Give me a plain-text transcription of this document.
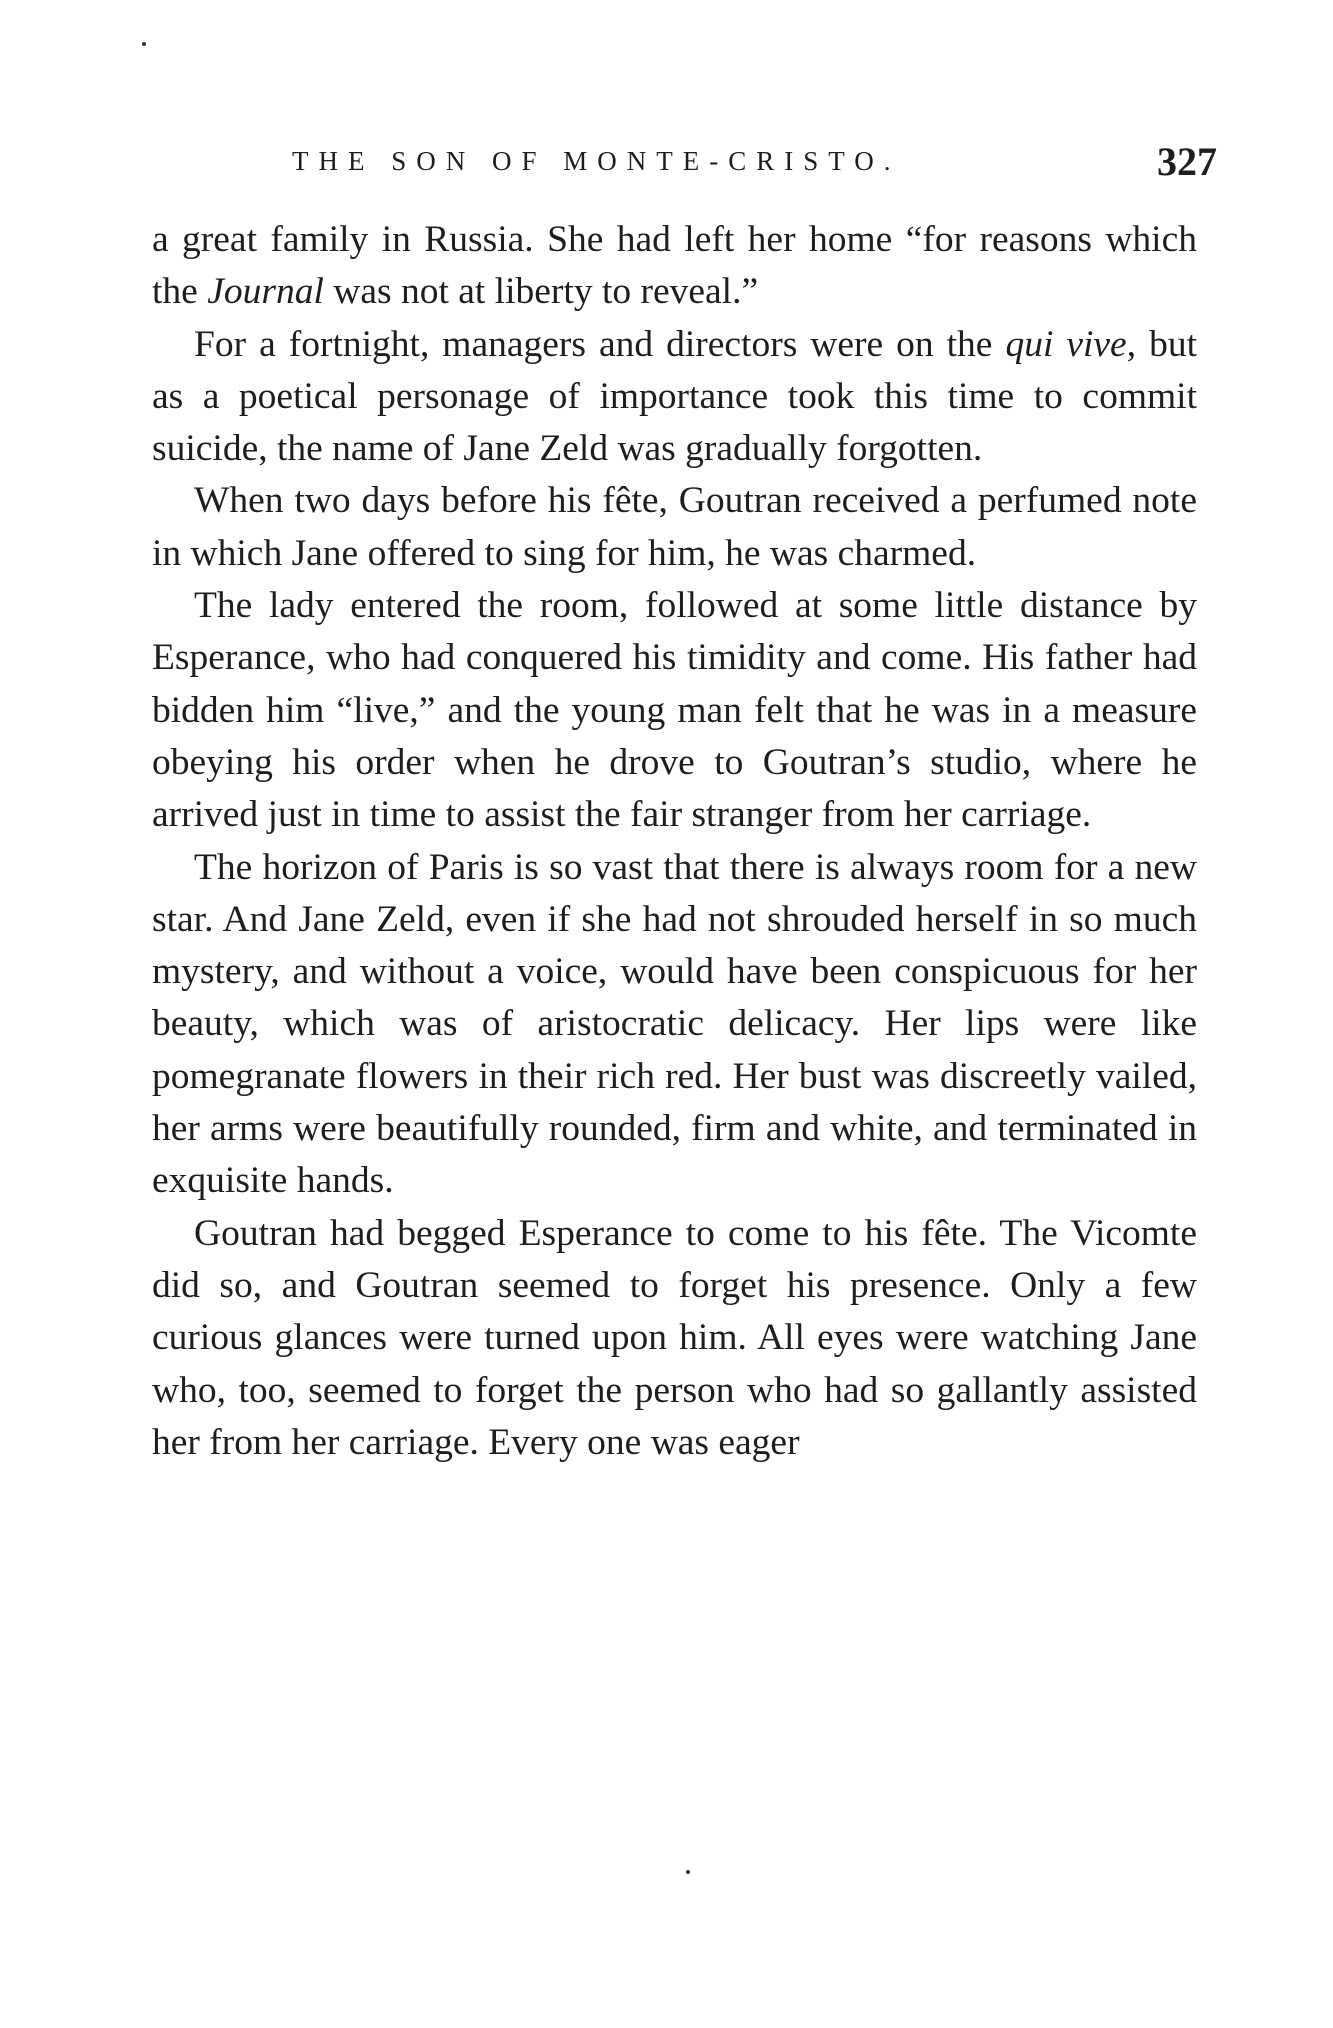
THE SON OF MONTE-CRISTO.	327

a great family in Russia. She had left her home “for reasons which the Journal was not at liberty to reveal.”

For a fortnight, managers and directors were on the qui vive, but as a poetical personage of importance took this time to commit suicide, the name of Jane Zeld was gradually forgotten.

When two days before his fête, Goutran received a perfumed note in which Jane offered to sing for him, he was charmed.

The lady entered the room, followed at some little distance by Esperance, who had conquered his timidity and come. His father had bidden him “live,” and the young man felt that he was in a measure obeying his order when he drove to Goutran’s studio, where he arrived just in time to assist the fair stranger from her carriage.

The horizon of Paris is so vast that there is always room for a new star. And Jane Zeld, even if she had not shrouded herself in so much mystery, and without a voice, would have been conspicuous for her beauty, which was of aristocratic delicacy. Her lips were like pomegranate flowers in their rich red. Her bust was discreetly vailed, her arms were beautifully rounded, firm and white, and terminated in exquisite hands.

Goutran had begged Esperance to come to his fête. The Vicomte did so, and Goutran seemed to forget his presence. Only a few curious glances were turned upon him. All eyes were watching Jane who, too, seemed to forget the person who had so gallantly assisted her from her carriage. Every one was eager
